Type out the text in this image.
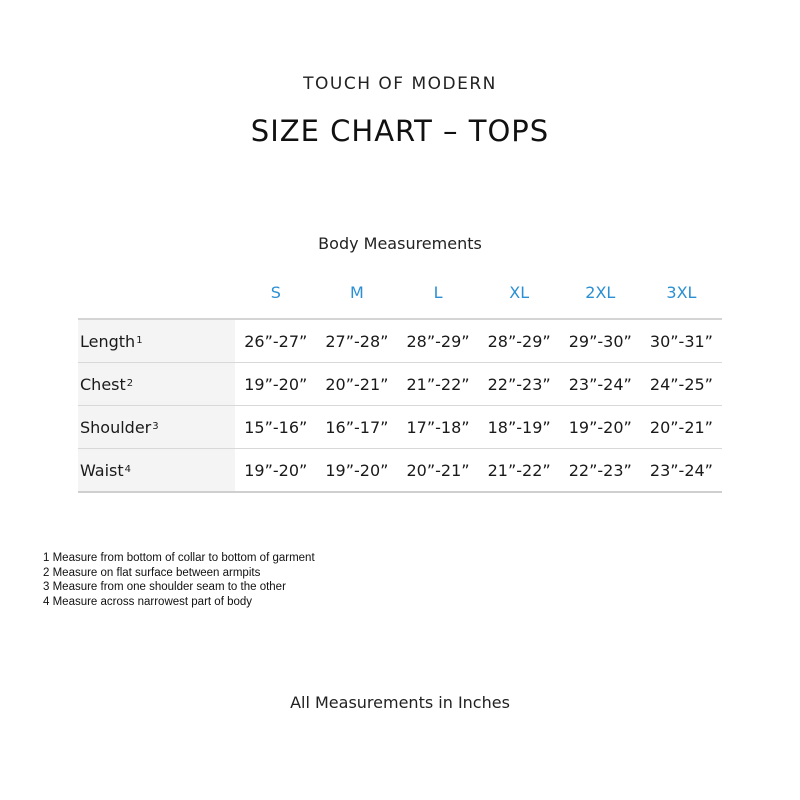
TOUCH OF MODERN
SIZE CHART – TOPS
Body Measurements
	S	M	L	XL	2XL	3XL
Length$^1$	26”-27”	27”-28”	28”-29”	28”-29”	29”-30”	30”-31”
Chest$^2$	19”-20”	20”-21”	21”-22”	22”-23”	23”-24”	24”-25”
Shoulder$^3$	15”-16”	16”-17”	17”-18”	18”-19”	19”-20”	20”-21”
Waist$^4$	19”-20”	19”-20”	20”-21”	21”-22”	22”-23”	23”-24”
1 Measure from bottom of collar to bottom of garment
2 Measure on flat surface between armpits
3 Measure from one shoulder seam to the other
4 Measure across narrowest part of body
All Measurements in Inches
